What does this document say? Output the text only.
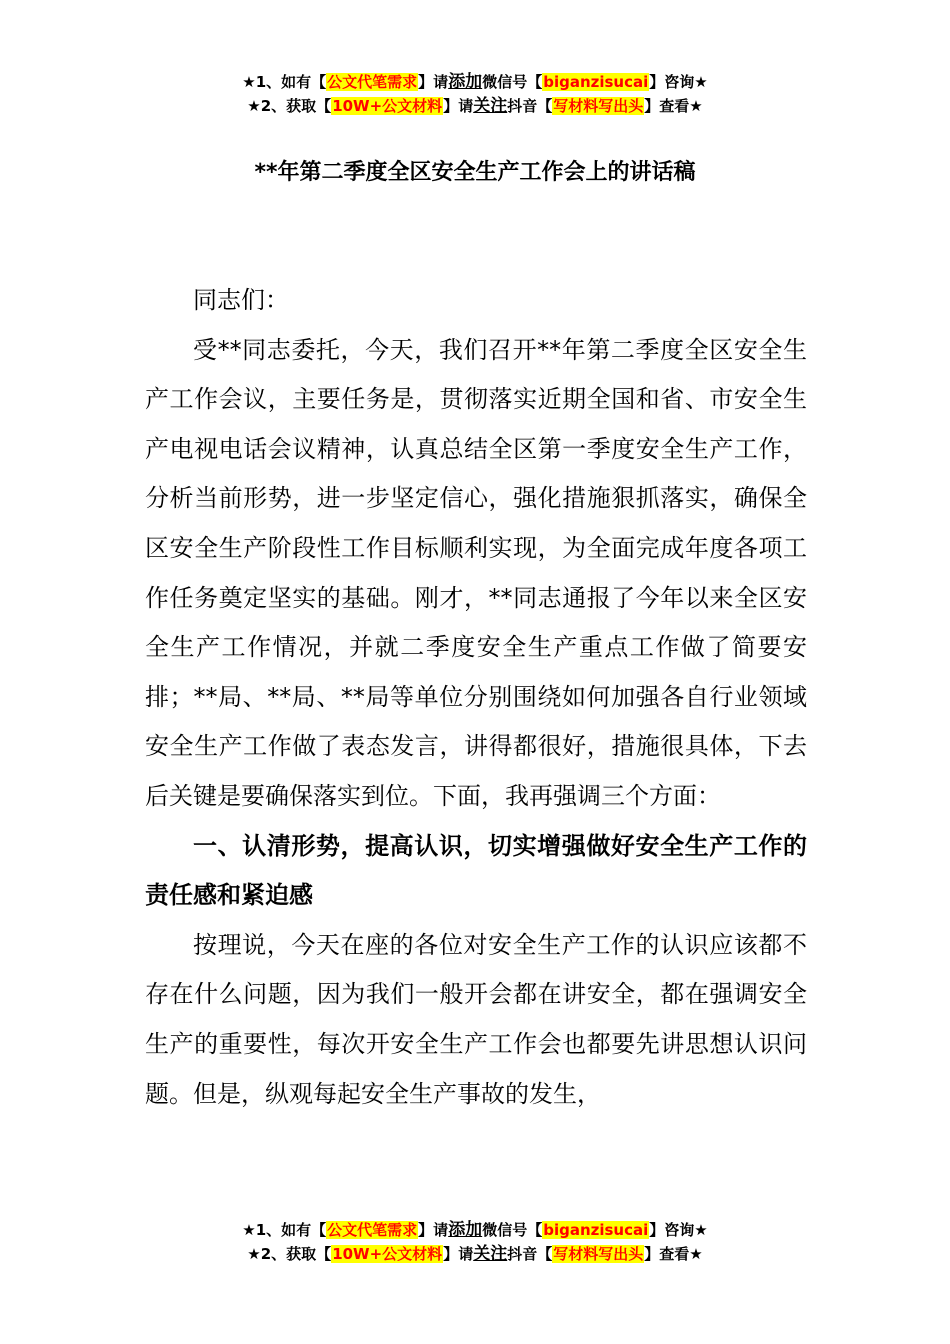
★1、如有【公文代笔需求】请添加微信号【biganzisucai】咨询★
★2、获取【10W+公文材料】请关注抖音【写材料写出头】查看★
**年第二季度全区安全生产工作会上的讲话稿

同志们：

受**同志委托，今天，我们召开**年第二季度全区安全生产工作会议，主要任务是，贯彻落实近期全国和省、市安全生产电视电话会议精神，认真总结全区第一季度安全生产工作，分析当前形势，进一步坚定信心，强化措施狠抓落实，确保全区安全生产阶段性工作目标顺利实现，为全面完成年度各项工作任务奠定坚实的基础。刚才，**同志通报了今年以来全区安全生产工作情况，并就二季度安全生产重点工作做了简要安排；**局、**局、**局等单位分别围绕如何加强各自行业领域安全生产工作做了表态发言，讲得都很好，措施很具体，下去后关键是要确保落实到位。下面，我再强调三个方面：

一、认清形势，提高认识，切实增强做好安全生产工作的责任感和紧迫感

按理说，今天在座的各位对安全生产工作的认识应该都不存在什么问题，因为我们一般开会都在讲安全，都在强调安全生产的重要性，每次开安全生产工作会也都要先讲思想认识问题。但是，纵观每起安全生产事故的发生，

★1、如有【公文代笔需求】请添加微信号【biganzisucai】咨询★
★2、获取【10W+公文材料】请关注抖音【写材料写出头】查看★
